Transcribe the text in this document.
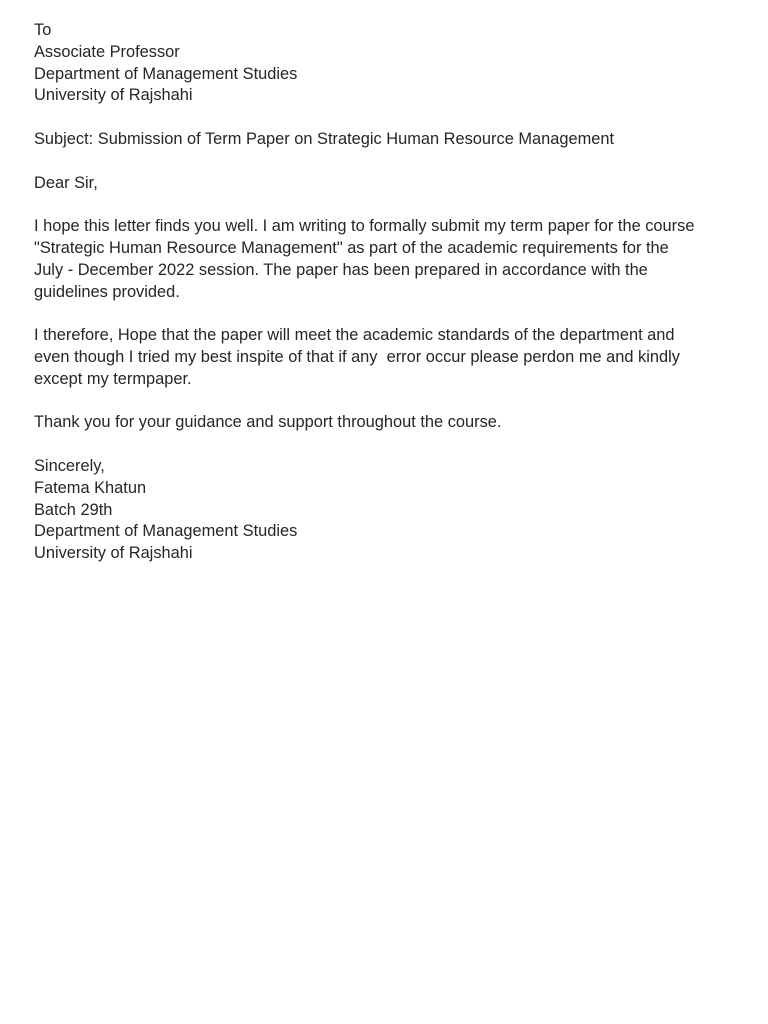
To
Associate Professor
Department of Management Studies
University of Rajshahi
Subject: Submission of Term Paper on Strategic Human Resource Management
Dear Sir,
I hope this letter finds you well. I am writing to formally submit my term paper for the course
"Strategic Human Resource Management" as part of the academic requirements for the
July - December 2022 session. The paper has been prepared in accordance with the
guidelines provided.
I therefore, Hope that the paper will meet the academic standards of the department and
even though I tried my best inspite of that if any  error occur please perdon me and kindly
except my termpaper.
Thank you for your guidance and support throughout the course.
Sincerely,
Fatema Khatun
Batch 29th
Department of Management Studies
University of Rajshahi
